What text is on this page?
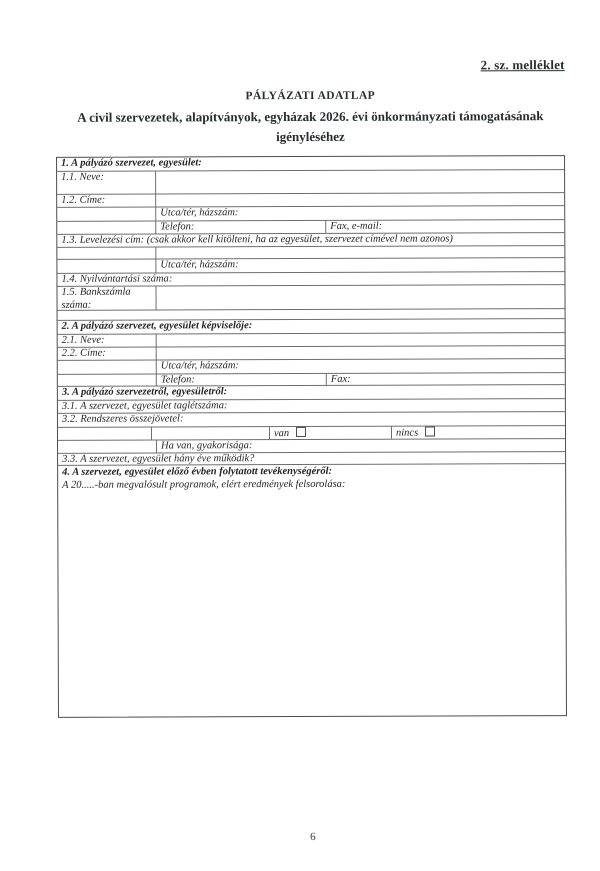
2. sz. melléklet
PÁLYÁZATI ADATLAP
A civil szervezetek, alapítványok, egyházak 2026. évi önkormányzati támogatásának
igényléséhez
1. A pályázó szervezet, egyesület:
1.1. Neve:
1.2. Címe:
Utca/tér, házszám:
Telefon:	Fax, e-mail:
1.3. Levelezési cím: (csak akkor kell kitölteni, ha az egyesület, szervezet címével nem azonos)
Utca/tér, házszám:
1.4. Nyilvántartási száma:
1.5. Bankszámla száma:
2. A pályázó szervezet, egyesület képviselője:
2.1. Neve:
2.2. Címe:
Utca/tér, házszám:
Telefon:	Fax:
3. A pályázó szervezetről, egyesületről:
3.1. A szervezet, egyesület taglétszáma:
3.2. Rendszeres összejövetel:
van	nincs
Ha van, gyakorisága:
3.3. A szervezet, egyesület hány éve működik?
4. A szervezet, egyesület előző évben folytatott tevékenységéről:
A 20.....-ban megvalósult programok, elért eredmények felsorolása:
6
